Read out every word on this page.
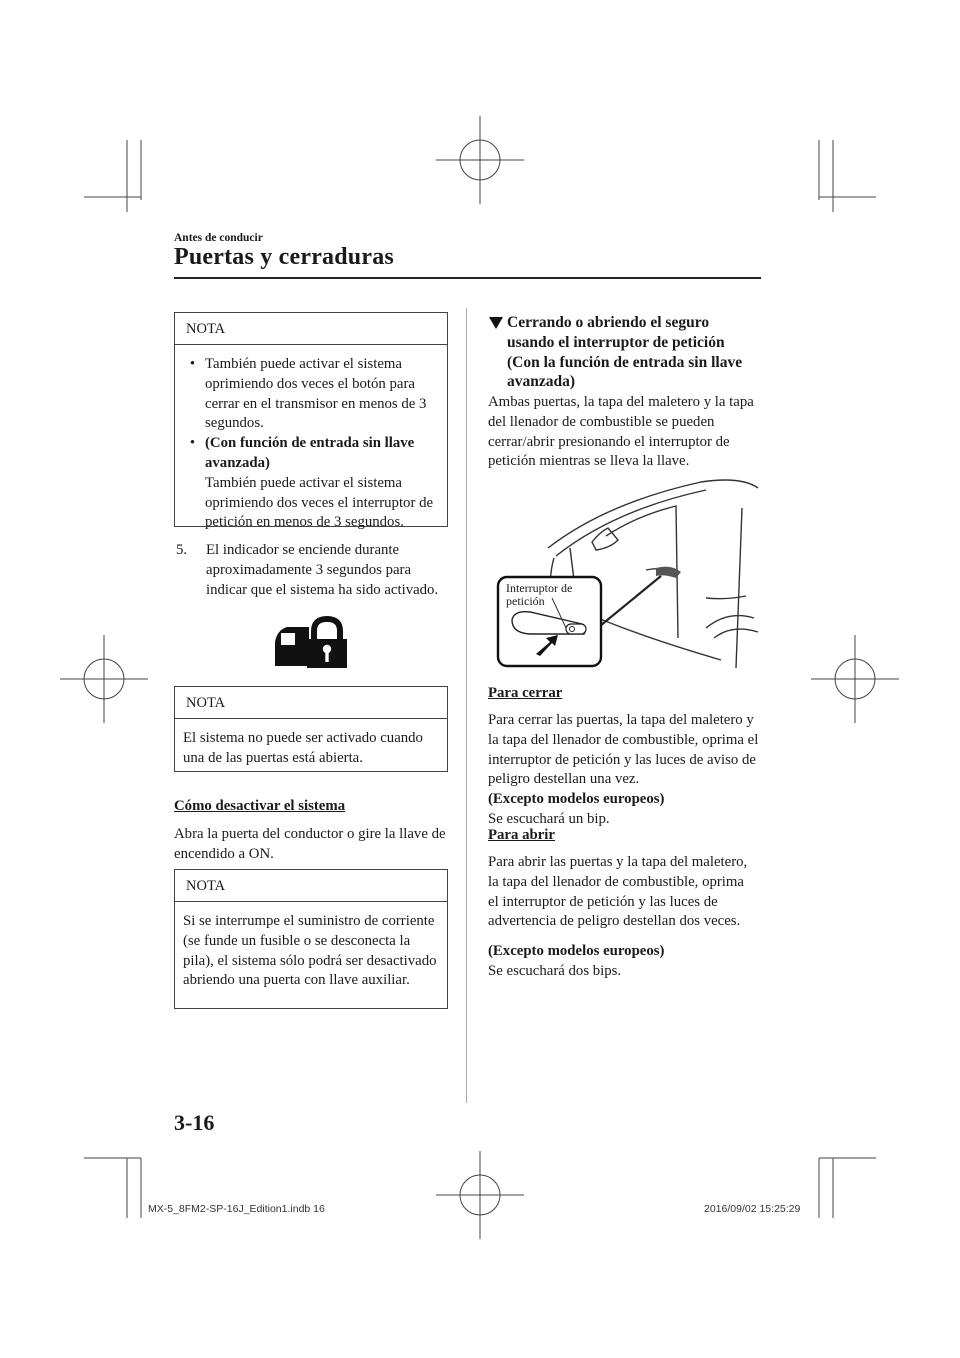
Antes de conducir
Puertas y cerraduras
NOTA
• También puede activar el sistema oprimiendo dos veces el botón para cerrar en el transmisor en menos de 3 segundos.
• (Con función de entrada sin llave avanzada)
También puede activar el sistema oprimiendo dos veces el interruptor de petición en menos de 3 segundos.
5.	El indicador se enciende durante aproximadamente 3 segundos para indicar que el sistema ha sido activado.
NOTA
El sistema no puede ser activado cuando una de las puertas está abierta.
Cómo desactivar el sistema
Abra la puerta del conductor o gire la llave de encendido a ON.
NOTA
Si se interrumpe el suministro de corriente (se funde un fusible o se desconecta la pila), el sistema sólo podrá ser desactivado abriendo una puerta con llave auxiliar.
Cerrando o abriendo el seguro usando el interruptor de petición (Con la función de entrada sin llave avanzada)
Ambas puertas, la tapa del maletero y la tapa del llenador de combustible se pueden cerrar/abrir presionando el interruptor de petición mientras se lleva la llave.
Interruptor de
petición
Para cerrar
Para cerrar las puertas, la tapa del maletero y la tapa del llenador de combustible, oprima el interruptor de petición y las luces de aviso de peligro destellan una vez.
(Excepto modelos europeos)
Se escuchará un bip.
Para abrir
Para abrir las puertas y la tapa del maletero, la tapa del llenador de combustible, oprima el interruptor de petición y las luces de advertencia de peligro destellan dos veces.
(Excepto modelos europeos)
Se escuchará dos bips.
3-16
MX-5_8FM2-SP-16J_Edition1.indb 16	2016/09/02 15:25:29
